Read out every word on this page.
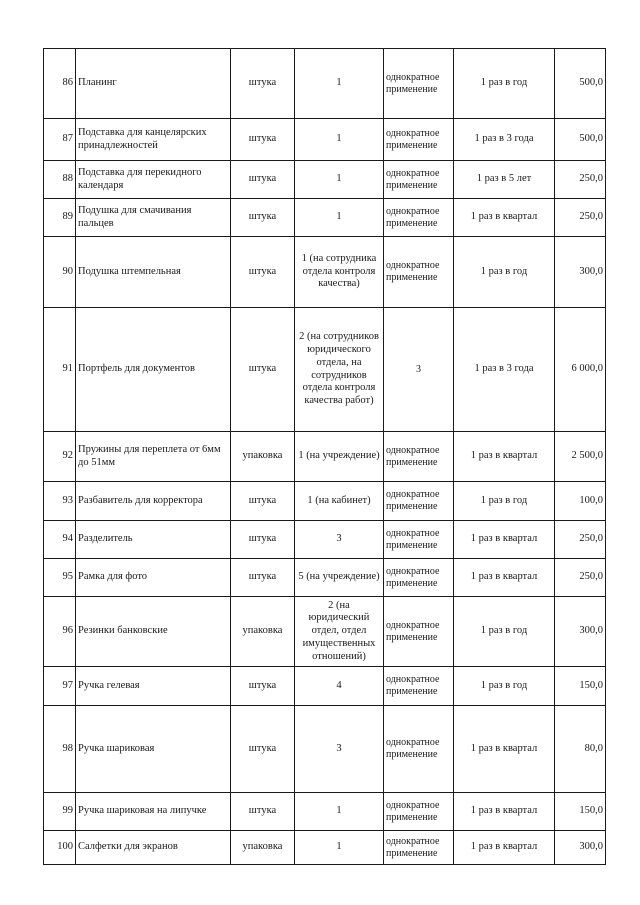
86	Планинг	штука	1	однократное применение	1 раз в год	500,0
87	Подставка для канцелярских принадлежностей	штука	1	однократное применение	1 раз в 3 года	500,0
88	Подставка для перекидного календаря	штука	1	однократное применение	1 раз в 5 лет	250,0
89	Подушка для смачивания пальцев	штука	1	однократное применение	1 раз в квартал	250,0
90	Подушка штемпельная	штука	1 (на сотрудника отдела контроля качества)	однократное применение	1 раз в год	300,0
91	Портфель для документов	штука	2 (на сотрудников юридического отдела, на сотрудников отдела контроля качества работ)	3	1 раз в 3 года	6 000,0
92	Пружины для переплета от 6мм до 51мм	упаковка	1 (на учреждение)	однократное применение	1 раз в квартал	2 500,0
93	Разбавитель для корректора	штука	1 (на кабинет)	однократное применение	1 раз в год	100,0
94	Разделитель	штука	3	однократное применение	1 раз в квартал	250,0
95	Рамка для фото	штука	5 (на учреждение)	однократное применение	1 раз в квартал	250,0
96	Резинки банковские	упаковка	2 (на юридический отдел, отдел имущественных отношений)	однократное применение	1 раз в год	300,0
97	Ручка гелевая	штука	4	однократное применение	1 раз в год	150,0
98	Ручка шариковая	штука	3	однократное применение	1 раз в квартал	80,0
99	Ручка шариковая на липучке	штука	1	однократное применение	1 раз в квартал	150,0
100	Салфетки для экранов	упаковка	1	однократное применение	1 раз в квартал	300,0
